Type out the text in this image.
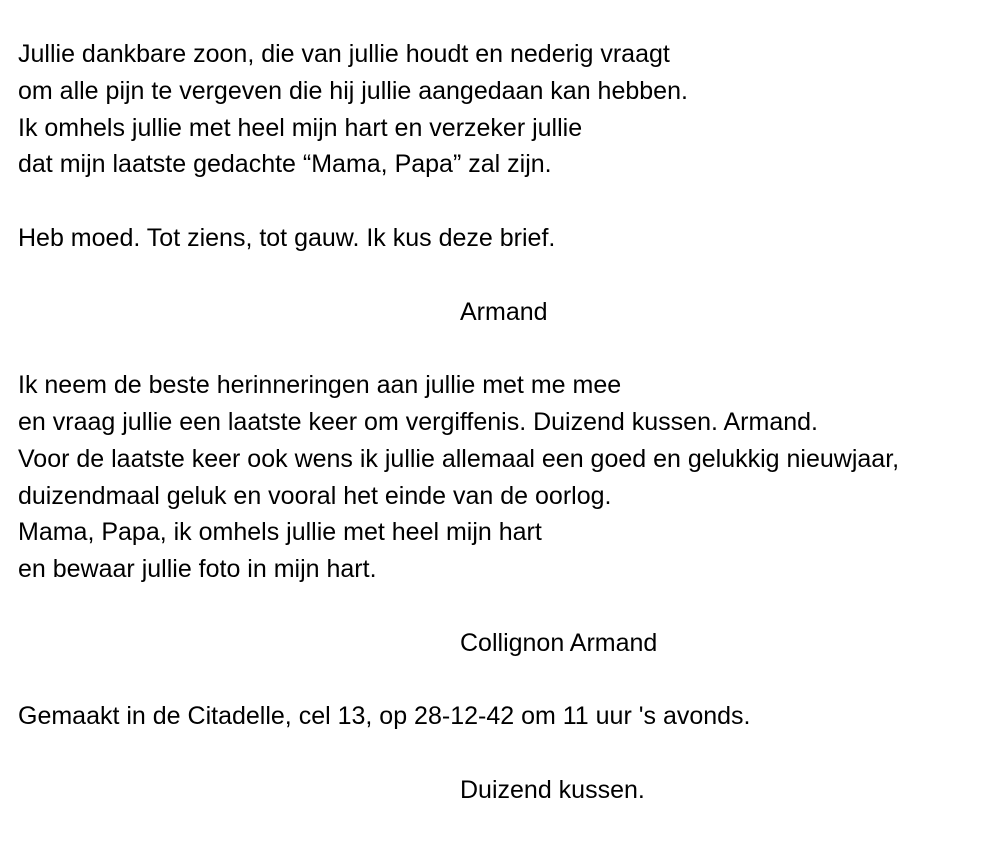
Jullie dankbare zoon, die van jullie houdt en nederig vraagt
om alle pijn te vergeven die hij jullie aangedaan kan hebben.
Ik omhels jullie met heel mijn hart en verzeker jullie
dat mijn laatste gedachte “Mama, Papa” zal zijn.

Heb moed. Tot ziens, tot gauw. Ik kus deze brief.

Armand

Ik neem de beste herinneringen aan jullie met me mee
en vraag jullie een laatste keer om vergiffenis. Duizend kussen. Armand.
Voor de laatste keer ook wens ik jullie allemaal een goed en gelukkig nieuwjaar,
duizendmaal geluk en vooral het einde van de oorlog.
Mama, Papa, ik omhels jullie met heel mijn hart
en bewaar jullie foto in mijn hart.

Collignon Armand

Gemaakt in de Citadelle, cel 13, op 28-12-42 om 11 uur 's avonds.

Duizend kussen.
